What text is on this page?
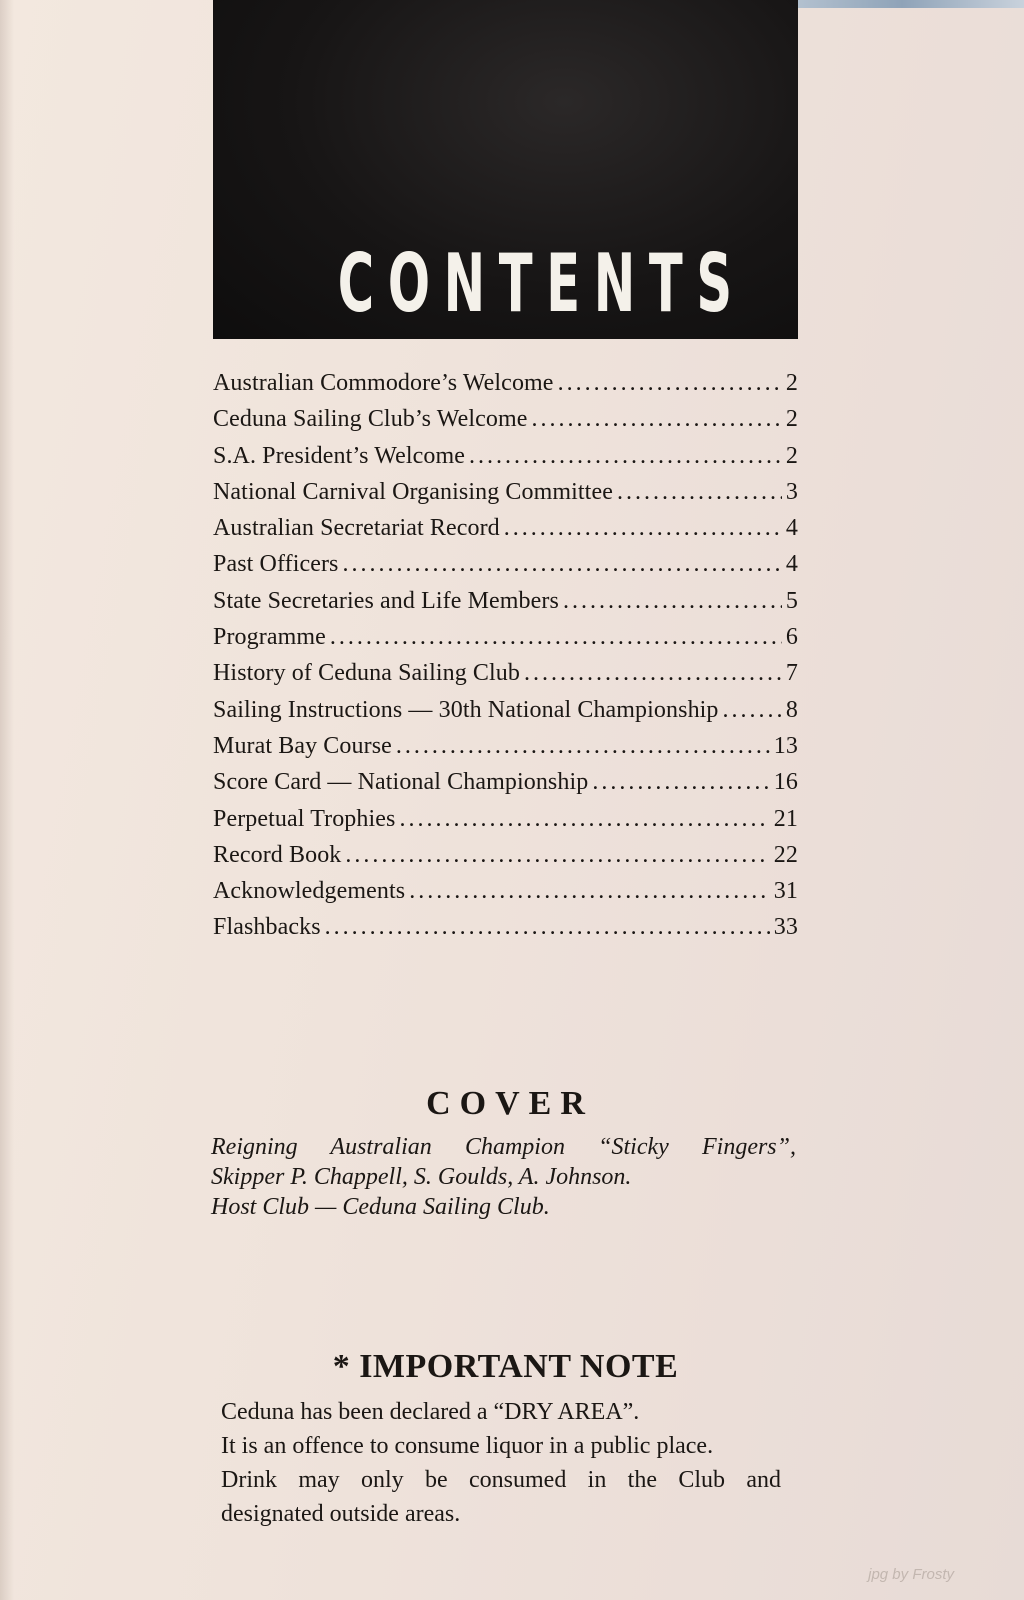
CONTENTS
Australian Commodore’s Welcome .....	2
Ceduna Sailing Club’s Welcome .....	2
S.A. President’s Welcome .....	2
National Carnival Organising Committee .....	3
Australian Secretariat Record .....	4
Past Officers .....	4
State Secretaries and Life Members .....	5
Programme .....	6
History of Ceduna Sailing Club .....	7
Sailing Instructions — 30th National Championship .....	8
Murat Bay Course .....	13
Score Card — National Championship .....	16
Perpetual Trophies .....	21
Record Book .....	22
Acknowledgements .....	31
Flashbacks .....	33
COVER

Reigning Australian Champion “Sticky Fingers”,
Skipper P. Chappell, S. Goulds, A. Johnson.
Host Club — Ceduna Sailing Club.

* IMPORTANT NOTE

Ceduna has been declared a “DRY AREA”.
It is an offence to consume liquor in a public place.
Drink may only be consumed in the Club and
designated outside areas.

jpg by Frosty
